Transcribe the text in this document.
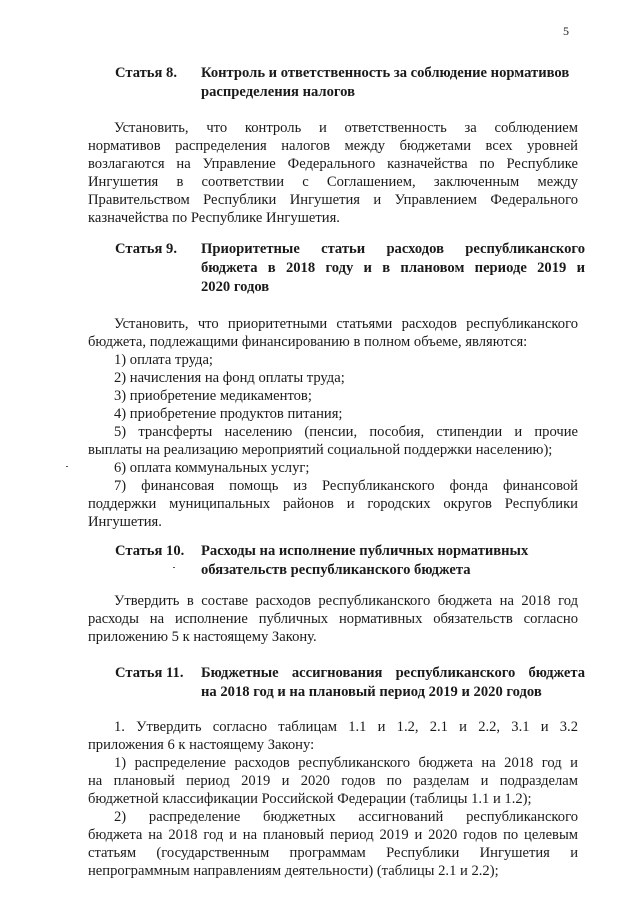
5
Статья 8. Контроль и ответственность за соблюдение нормативов
распределения налогов
Установить, что контроль и ответственность за соблюдением
нормативов распределения налогов между бюджетами всех уровней
возлагаются на Управление Федерального казначейства по Республике
Ингушетия в соответствии с Соглашением, заключенным между
Правительством Республики Ингушетия и Управлением Федерального
казначейства по Республике Ингушетия.
Статья 9. Приоритетные статьи расходов республиканского
бюджета в 2018 году и в плановом периоде 2019 и
2020 годов
Установить, что приоритетными статьями расходов республиканского
бюджета, подлежащими финансированию в полном объеме, являются:
1) оплата труда;
2) начисления на фонд оплаты труда;
3) приобретение медикаментов;
4) приобретение продуктов питания;
5) трансферты населению (пенсии, пособия, стипендии и прочие
выплаты на реализацию мероприятий социальной поддержки населению);
6) оплата коммунальных услуг;
7) финансовая помощь из Республиканского фонда финансовой
поддержки муниципальных районов и городских округов Республики
Ингушетия.
Статья 10. Расходы на исполнение публичных нормативных
обязательств республиканского бюджета
Утвердить в составе расходов республиканского бюджета на 2018 год
расходы на исполнение публичных нормативных обязательств согласно
приложению 5 к настоящему Закону.
Статья 11. Бюджетные ассигнования республиканского бюджета
на 2018 год и на плановый период 2019 и 2020 годов
1. Утвердить согласно таблицам 1.1 и 1.2, 2.1 и 2.2, 3.1 и 3.2
приложения 6 к настоящему Закону:
1) распределение расходов республиканского бюджета на 2018 год и
на плановый период 2019 и 2020 годов по разделам и подразделам
бюджетной классификации Российской Федерации (таблицы 1.1 и 1.2);
2) распределение бюджетных ассигнований республиканского
бюджета на 2018 год и на плановый период 2019 и 2020 годов по целевым
статьям (государственным программам Республики Ингушетия и
непрограммным направлениям деятельности) (таблицы 2.1 и 2.2);
